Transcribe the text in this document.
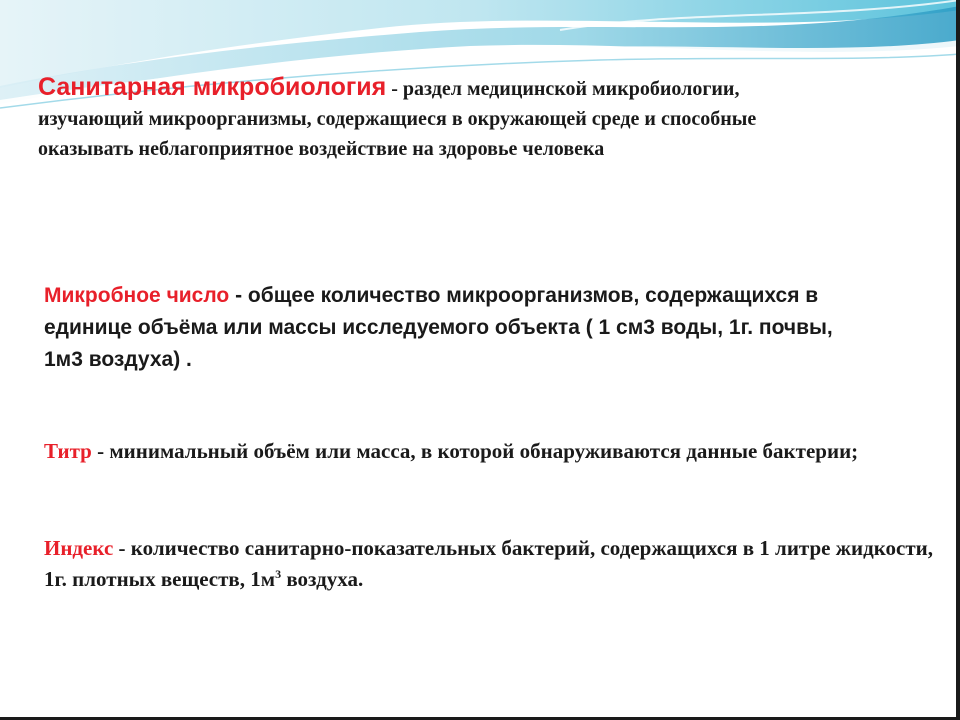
Санитарная микробиология - раздел медицинской микробиологии, изучающий микроорганизмы, содержащиеся в окружающей среде и способные оказывать неблагоприятное воздействие на здоровье человека

Микробное число - общее количество микроорганизмов, содержащихся в единице объёма или массы исследуемого объекта ( 1 см3 воды, 1г. почвы, 1м3 воздуха) .

Титр - минимальный объём или масса, в которой обнаруживаются данные бактерии;

Индекс - количество санитарно-показательных бактерий, содержащихся в 1 литре жидкости, 1г. плотных веществ, $1м^3$ воздуха.
